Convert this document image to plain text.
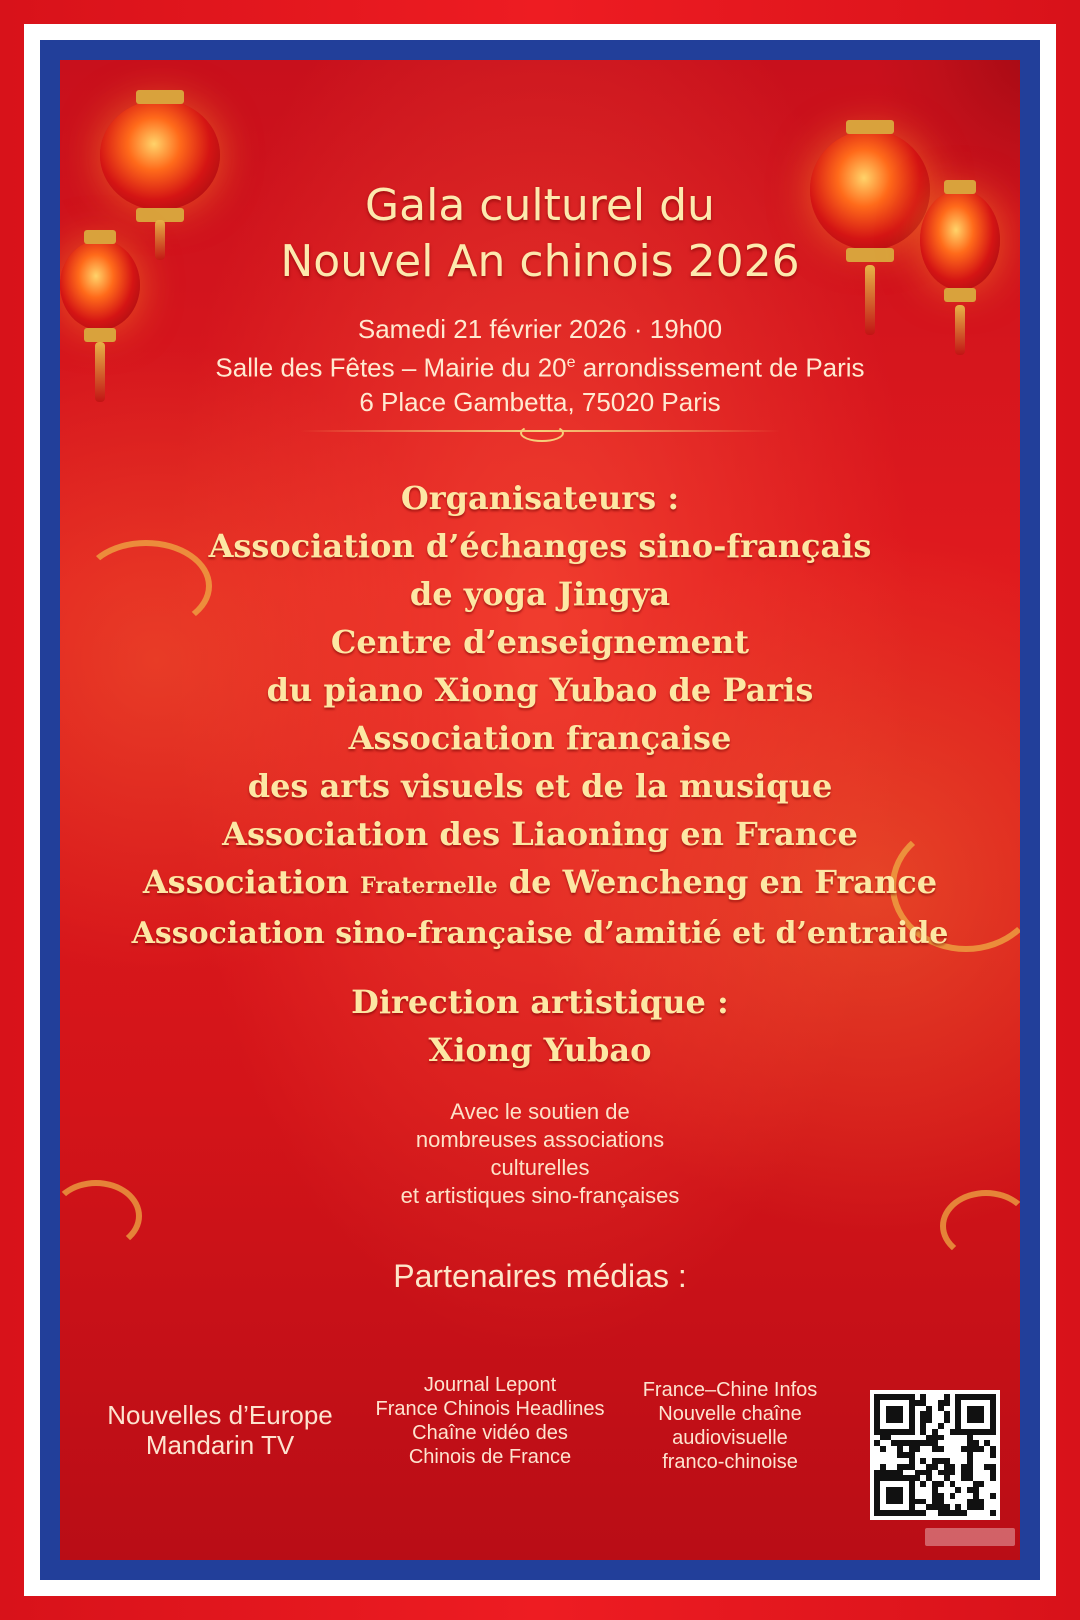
Gala culturel du
Nouvel An chinois 2026
Samedi 21 février 2026 · 19h00
Salle des Fêtes – Mairie du 20e arrondissement de Paris
6 Place Gambetta, 75020 Paris
Organisateurs :
Association d’échanges sino-français
de yoga Jingya
Centre d’enseignement
du piano Xiong Yubao de Paris
Association française
des arts visuels et de la musique
Association des Liaoning en France
Association Fraternelle de Wencheng en France
Association sino-française d’amitié et d’entraide
Direction artistique :
Xiong Yubao
Avec le soutien de
nombreuses associations
culturelles
et artistiques sino-françaises
Partenaires médias :
Nouvelles d’Europe
Mandarin TV
Journal Lepont
France Chinois Headlines
Chaîne vidéo des
Chinois de France
France–Chine Infos
Nouvelle chaîne
audiovisuelle
franco-chinoise
